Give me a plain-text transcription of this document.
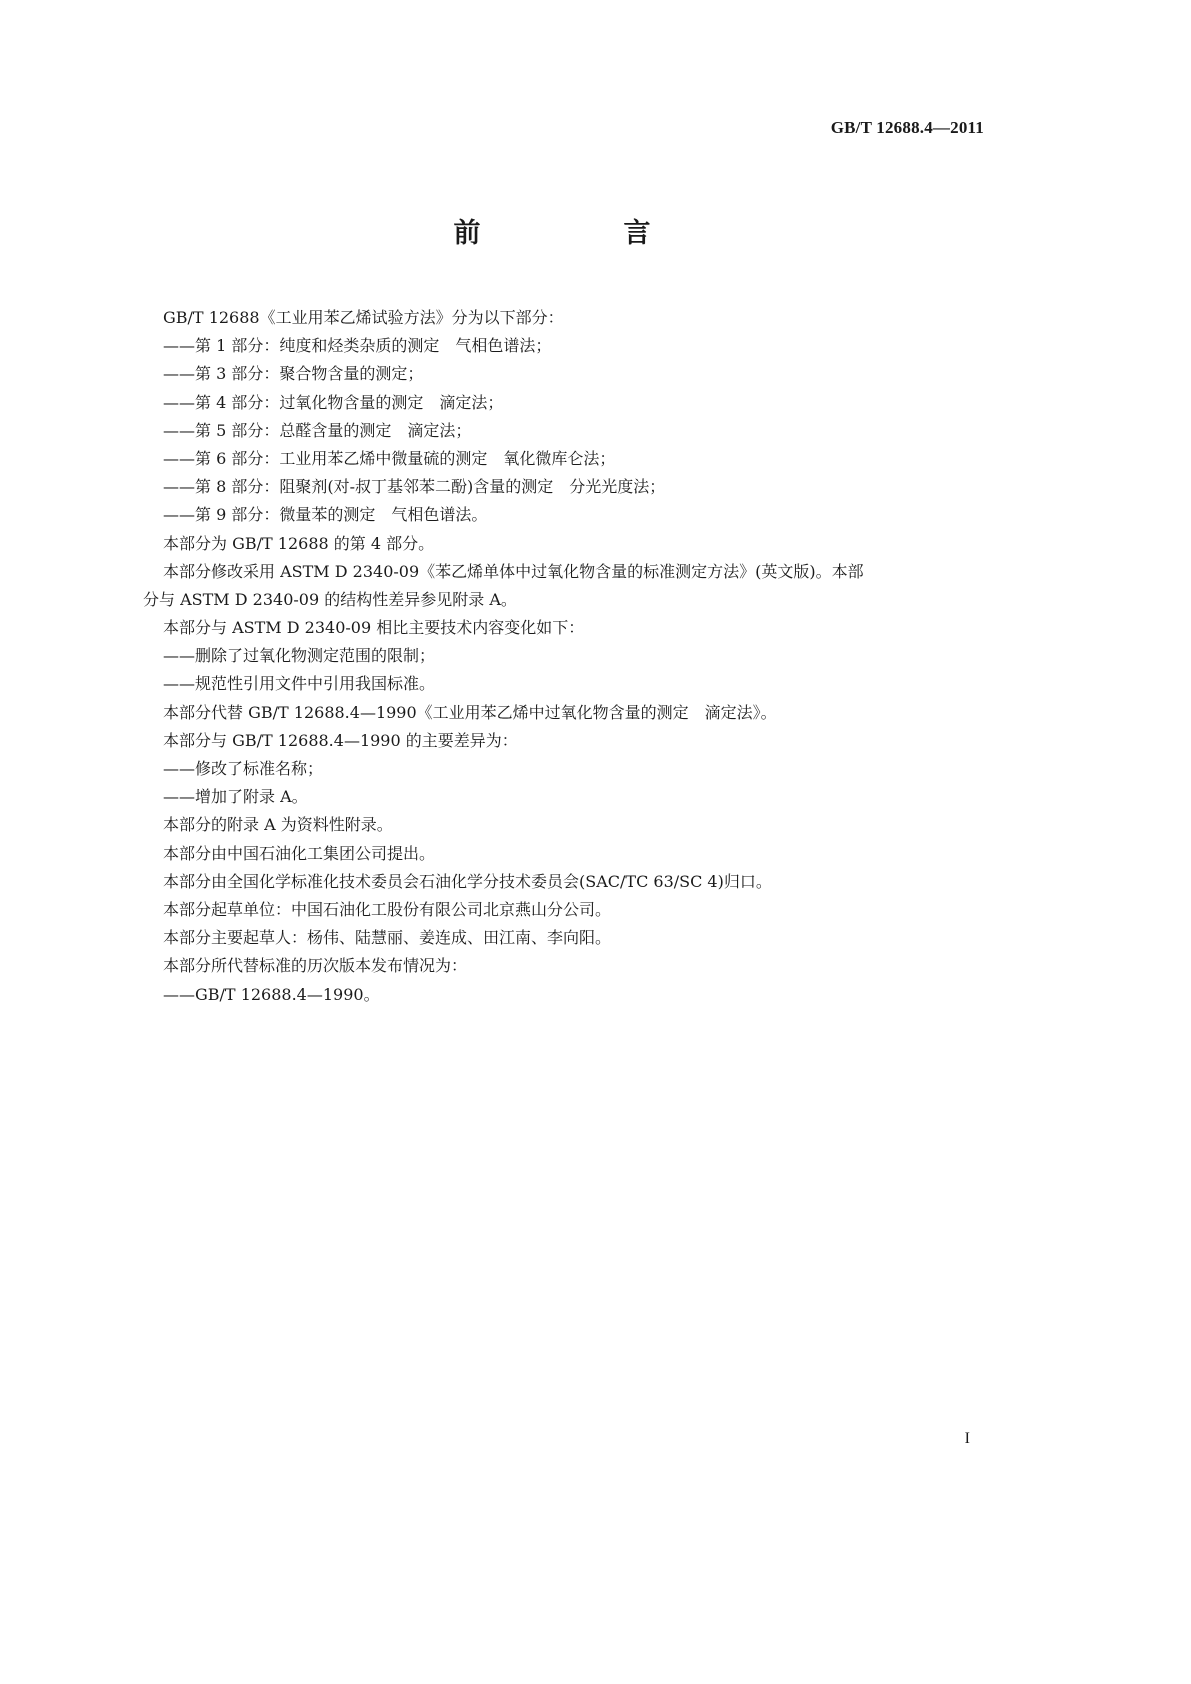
GB/T 12688.4—2011
前　言
GB/T 12688《工业用苯乙烯试验方法》分为以下部分：
——第 1 部分：纯度和烃类杂质的测定　气相色谱法；
——第 3 部分：聚合物含量的测定；
——第 4 部分：过氧化物含量的测定　滴定法；
——第 5 部分：总醛含量的测定　滴定法；
——第 6 部分：工业用苯乙烯中微量硫的测定　氧化微库仑法；
——第 8 部分：阻聚剂(对-叔丁基邻苯二酚)含量的测定　分光光度法；
——第 9 部分：微量苯的测定　气相色谱法。
本部分为 GB/T 12688 的第 4 部分。
本部分修改采用 ASTM D 2340-09《苯乙烯单体中过氧化物含量的标准测定方法》(英文版)。本部
分与 ASTM D 2340-09 的结构性差异参见附录 A。
本部分与 ASTM D 2340-09 相比主要技术内容变化如下：
——删除了过氧化物测定范围的限制；
——规范性引用文件中引用我国标准。
本部分代替 GB/T 12688.4—1990《工业用苯乙烯中过氧化物含量的测定　滴定法》。
本部分与 GB/T 12688.4—1990 的主要差异为：
——修改了标准名称；
——增加了附录 A。
本部分的附录 A 为资料性附录。
本部分由中国石油化工集团公司提出。
本部分由全国化学标准化技术委员会石油化学分技术委员会(SAC/TC 63/SC 4)归口。
本部分起草单位：中国石油化工股份有限公司北京燕山分公司。
本部分主要起草人：杨伟、陆慧丽、姜连成、田江南、李向阳。
本部分所代替标准的历次版本发布情况为：
——GB/T 12688.4—1990。
I
